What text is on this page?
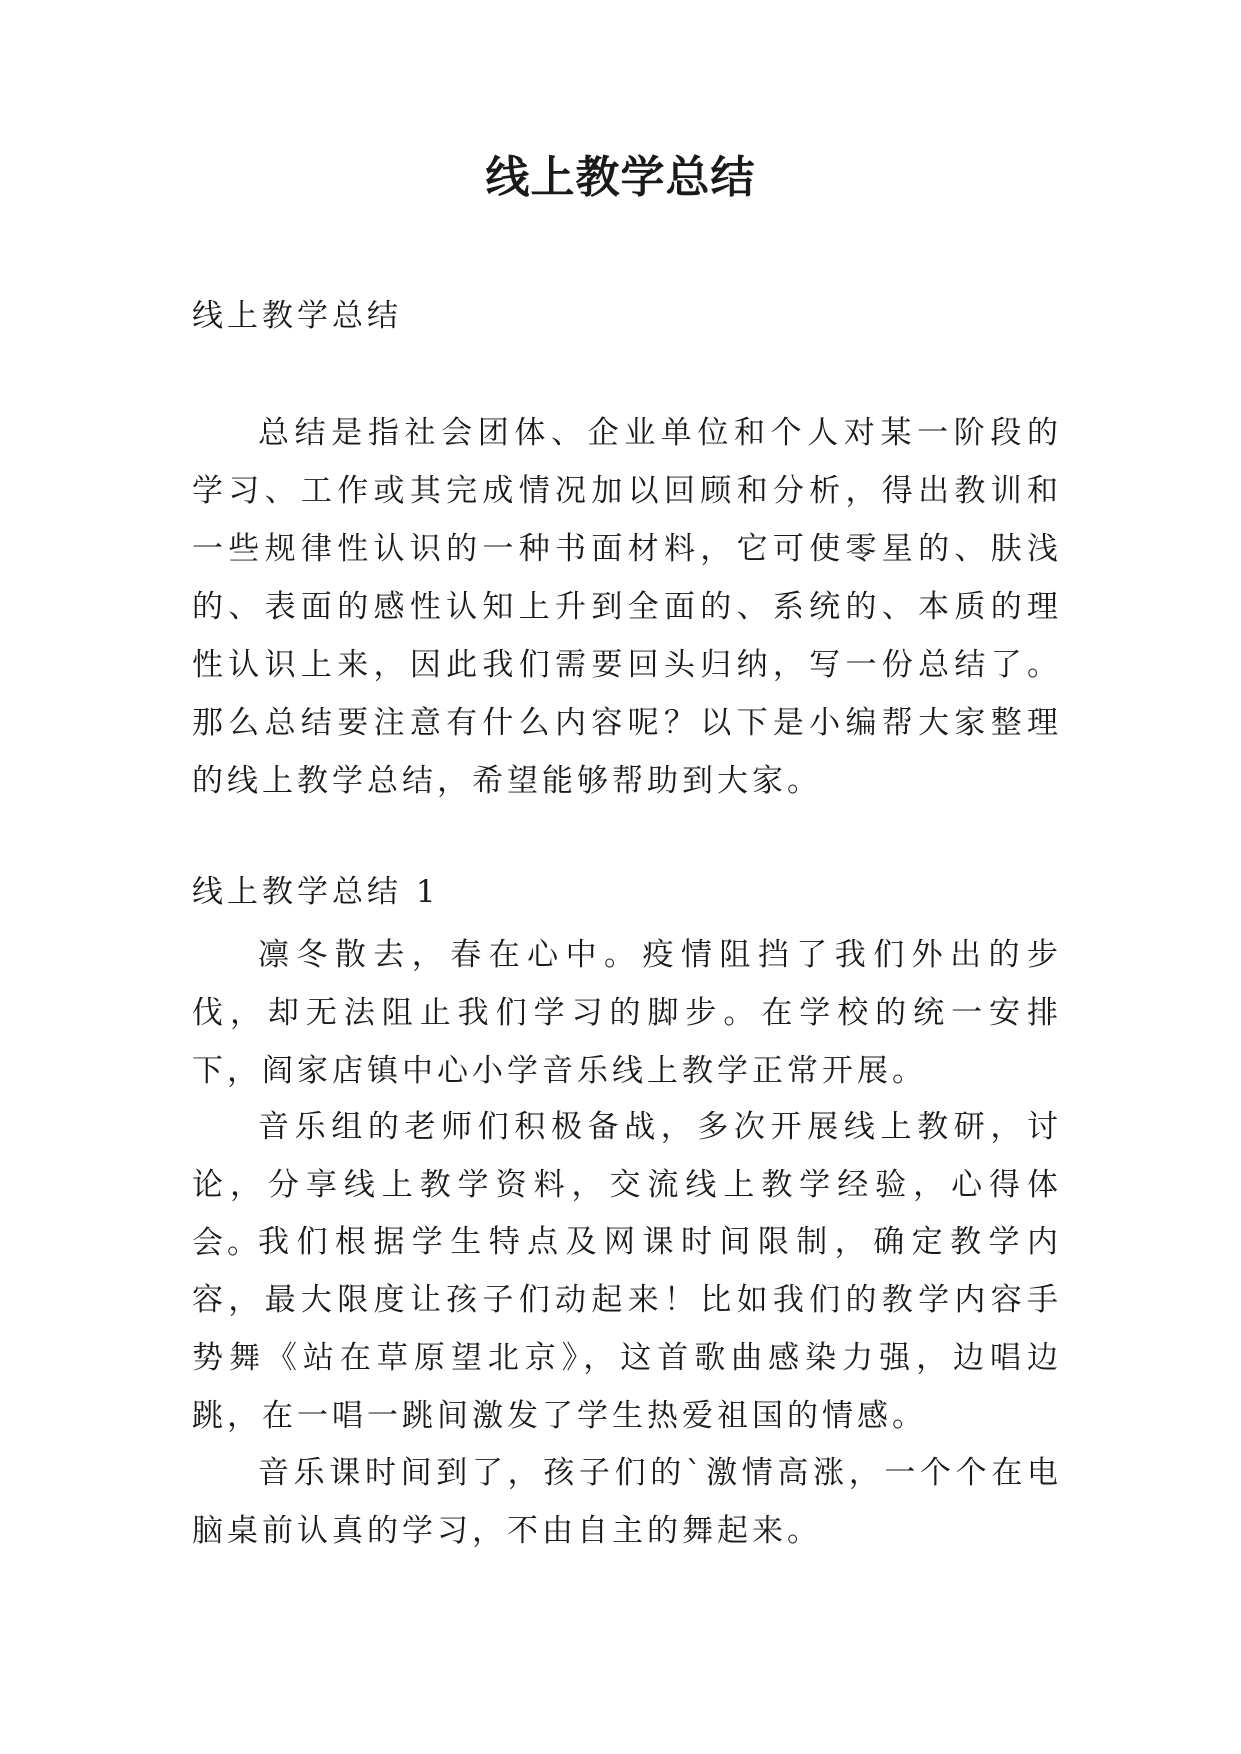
线上教学总结

线上教学总结

总结是指社会团体、企业单位和个人对某一阶段的学习、工作或其完成情况加以回顾和分析，得出教训和一些规律性认识的一种书面材料，它可使零星的、肤浅的、表面的感性认知上升到全面的、系统的、本质的理性认识上来，因此我们需要回头归纳，写一份总结了。那么总结要注意有什么内容呢？以下是小编帮大家整理的线上教学总结，希望能够帮助到大家。

线上教学总结 1

凛冬散去，春在心中。疫情阻挡了我们外出的步伐，却无法阻止我们学习的脚步。在学校的统一安排下，阎家店镇中心小学音乐线上教学正常开展。

音乐组的老师们积极备战，多次开展线上教研，讨论，分享线上教学资料，交流线上教学经验，心得体会。

我们根据学生特点及网课时间限制，确定教学内容，最大限度让孩子们动起来！比如我们的教学内容手势舞《站在草原望北京》，这首歌曲感染力强，边唱边跳，在一唱一跳间激发了学生热爱祖国的情感。

音乐课时间到了，孩子们的`激情高涨，一个个在电脑桌前认真的学习，不由自主的舞起来。
